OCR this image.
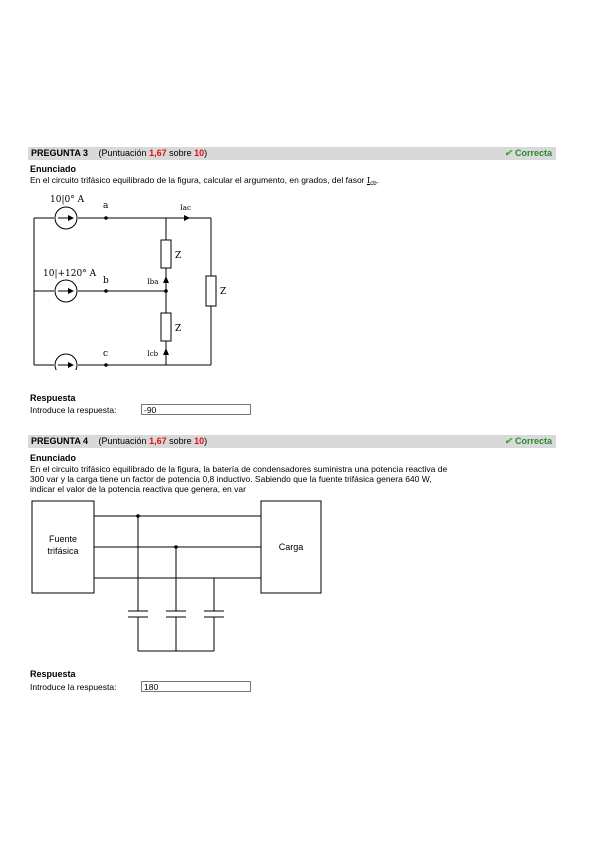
PREGUNTA 3 (Puntuación 1,67 sobre 10)	✔ Correcta
Enunciado
En el circuito trifásico equilibrado de la figura, calcular el argumento, en grados, del fasor $I_{cb}$.
10|0° A
10|+120° A
a
b
c
Iac
Iba
Icb
Z
Z
Z
Respuesta
Introduce la respuesta:	-90
PREGUNTA 4 (Puntuación 1,67 sobre 10)	✔ Correcta
Enunciado
En el circuito trifásico equilibrado de la figura, la batería de condensadores suministra una potencia reactiva de
300 var y la carga tiene un factor de potencia 0,8 inductivo. Sabiendo que la fuente trifásica genera 640 W,
indicar el valor de la potencia reactiva que genera, en var
Fuente
trifásica	Carga
Respuesta
Introduce la respuesta:	180
